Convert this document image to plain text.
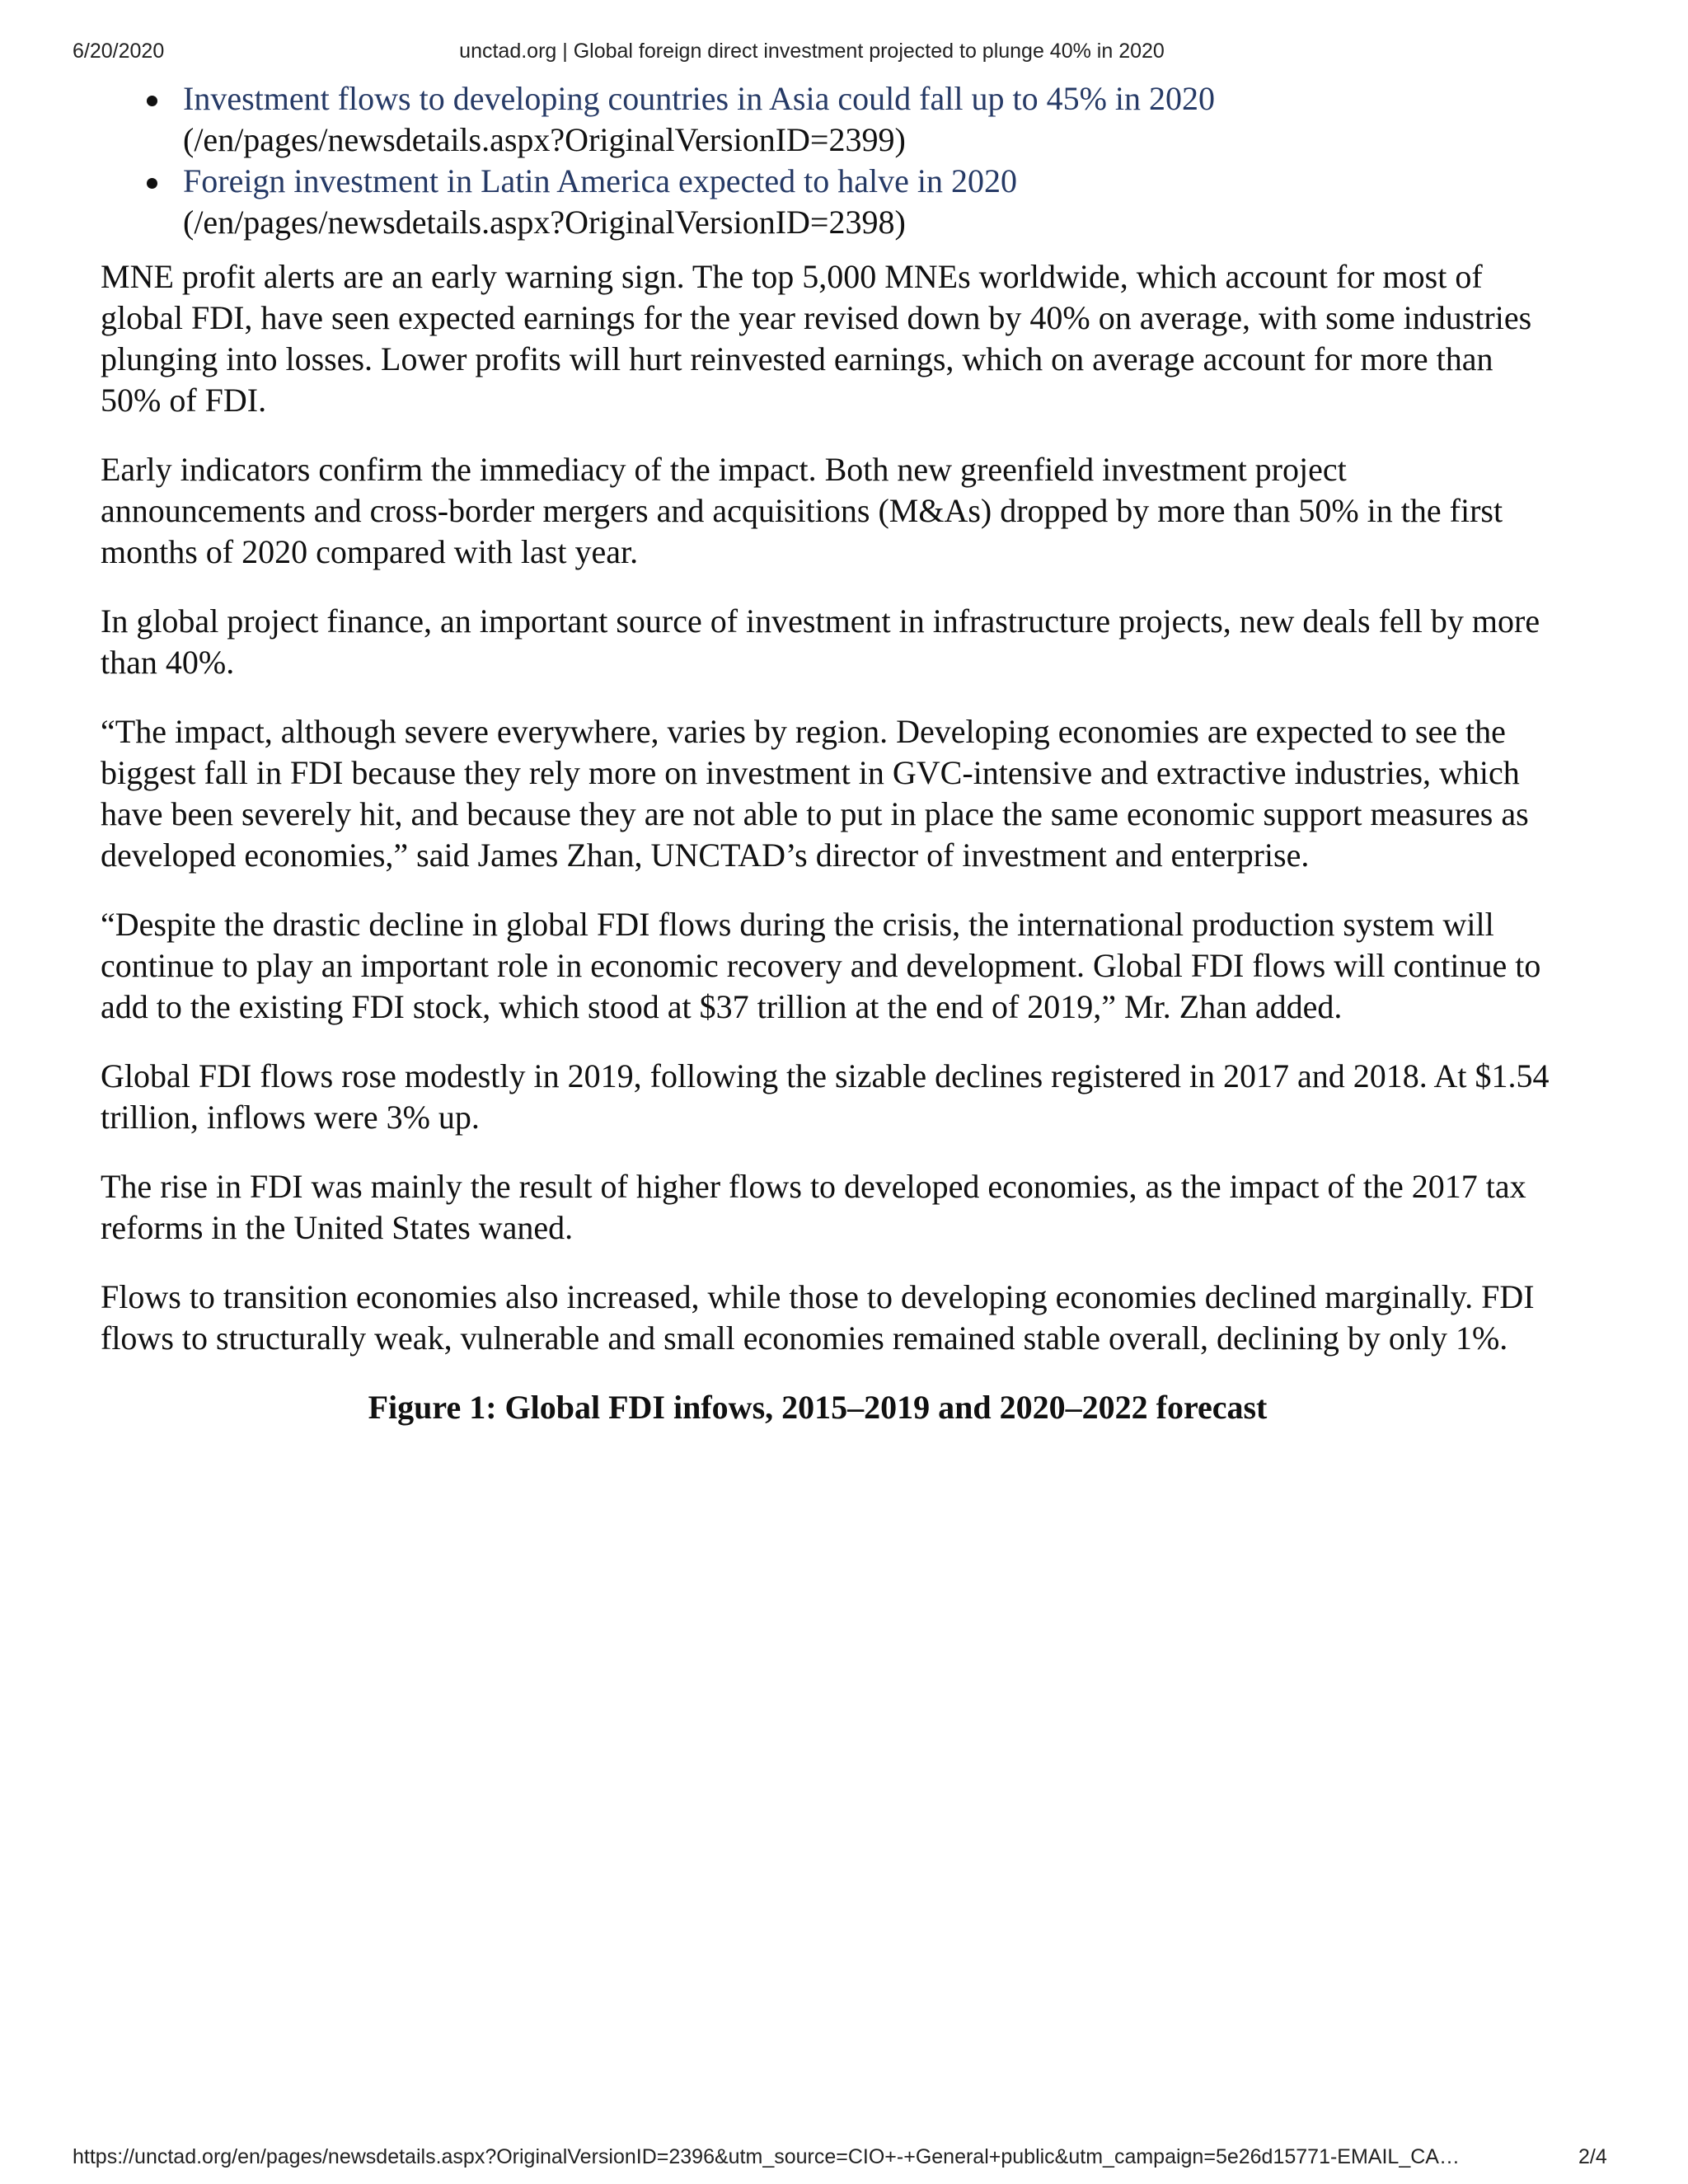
6/20/2020	unctad.org | Global foreign direct investment projected to plunge 40% in 2020
Investment flows to developing countries in Asia could fall up to 45% in 2020
(/en/pages/newsdetails.aspx?OriginalVersionID=2399)
Foreign investment in Latin America expected to halve in 2020
(/en/pages/newsdetails.aspx?OriginalVersionID=2398)

MNE profit alerts are an early warning sign. The top 5,000 MNEs worldwide, which account for most of global FDI, have seen expected earnings for the year revised down by 40% on average, with some industries plunging into losses. Lower profits will hurt reinvested earnings, which on average account for more than 50% of FDI.

Early indicators confirm the immediacy of the impact. Both new greenfield investment project announcements and cross-border mergers and acquisitions (M&As) dropped by more than 50% in the first months of 2020 compared with last year.

In global project finance, an important source of investment in infrastructure projects, new deals fell by more than 40%.

“The impact, although severe everywhere, varies by region. Developing economies are expected to see the biggest fall in FDI because they rely more on investment in GVC-intensive and extractive industries, which have been severely hit, and because they are not able to put in place the same economic support measures as developed economies,” said James Zhan, UNCTAD’s director of investment and enterprise.

“Despite the drastic decline in global FDI flows during the crisis, the international production system will continue to play an important role in economic recovery and development. Global FDI flows will continue to add to the existing FDI stock, which stood at $37 trillion at the end of 2019,” Mr. Zhan added.

Global FDI flows rose modestly in 2019, following the sizable declines registered in 2017 and 2018. At $1.54 trillion, inflows were 3% up.

The rise in FDI was mainly the result of higher flows to developed economies, as the impact of the 2017 tax reforms in the United States waned.

Flows to transition economies also increased, while those to developing economies declined marginally. FDI flows to structurally weak, vulnerable and small economies remained stable overall, declining by only 1%.

Figure 1: Global FDI infows, 2015–2019 and 2020–2022 forecast
https://unctad.org/en/pages/newsdetails.aspx?OriginalVersionID=2396&utm_source=CIO+-+General+public&utm_campaign=5e26d15771-EMAIL_CA…	2/4
